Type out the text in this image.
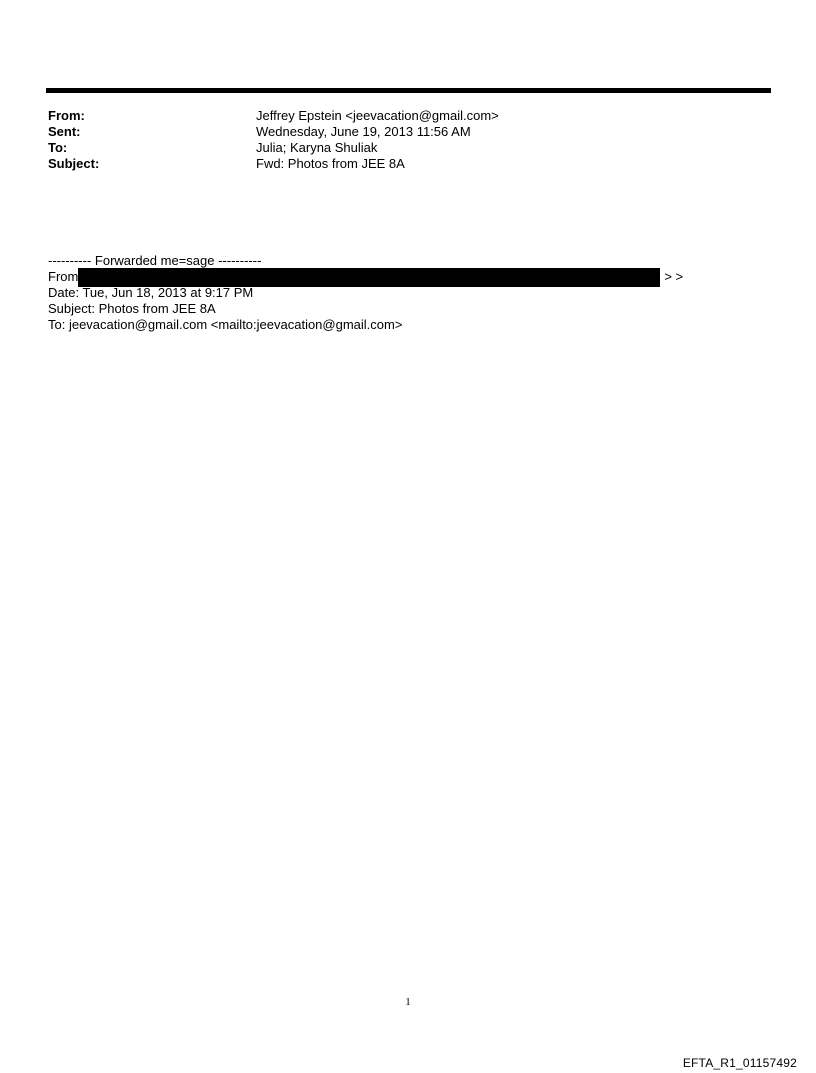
From:	Jeffrey Epstein <jeevacation@gmail.com>
Sent:	Wednesday, June 19, 2013 11:56 AM
To:	Julia; Karyna Shuliak
Subject:	Fwd: Photos from JEE 8A
---------- Forwarded me=sage ----------
From	> >
Date: Tue, Jun 18, 2013 at 9:17 PM
Subject: Photos from JEE 8A
To: jeevacation@gmail.com <mailto:jeevacation@gmail.com>
1
EFTA_R1_01157492
